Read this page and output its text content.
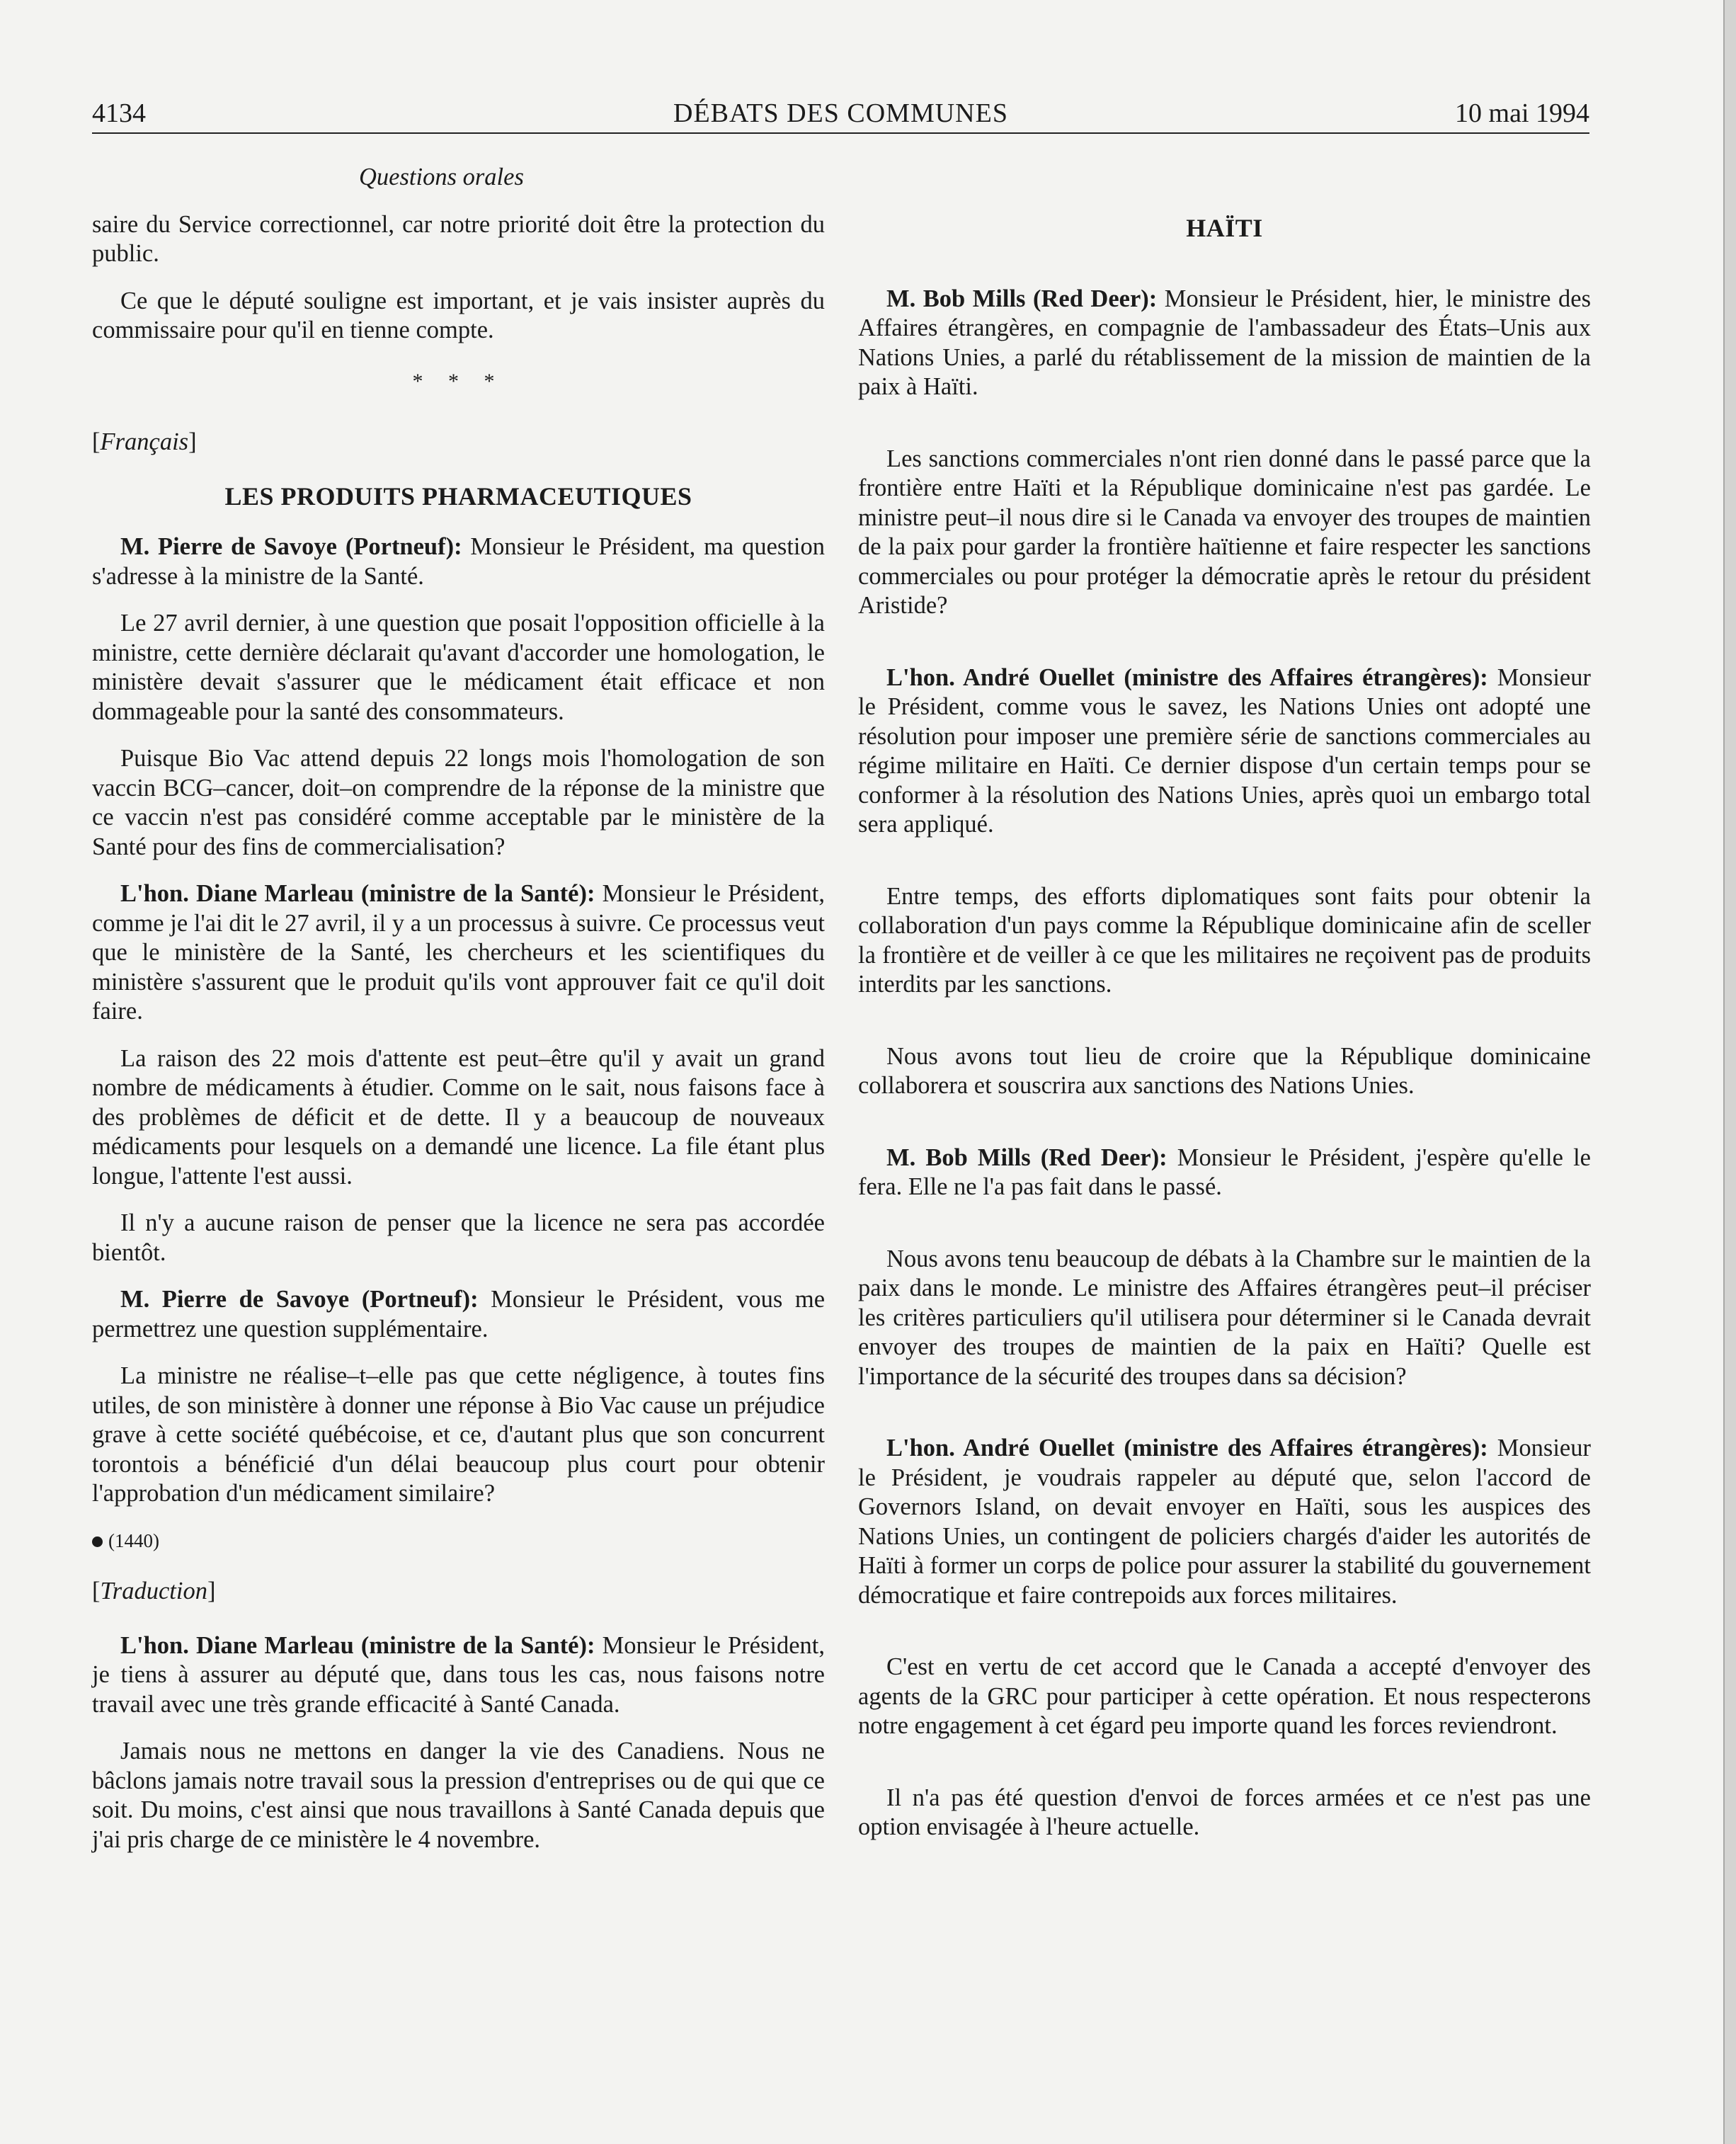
DÉBATS DES COMMUNES
4134	10 mai 1994

Questions orales

saire du Service correctionnel, car notre priorité doit être la protection du public.

Ce que le député souligne est important, et je vais insister auprès du commissaire pour qu'il en tienne compte.

* * *

[Français]

LES PRODUITS PHARMACEUTIQUES

M. Pierre de Savoye (Portneuf): Monsieur le Président, ma question s'adresse à la ministre de la Santé.

Le 27 avril dernier, à une question que posait l'opposition officielle à la ministre, cette dernière déclarait qu'avant d'accorder une homologation, le ministère devait s'assurer que le médicament était efficace et non dommageable pour la santé des consommateurs.

Puisque Bio Vac attend depuis 22 longs mois l'homologation de son vaccin BCG–cancer, doit–on comprendre de la réponse de la ministre que ce vaccin n'est pas considéré comme acceptable par le ministère de la Santé pour des fins de commercialisation?

L'hon. Diane Marleau (ministre de la Santé): Monsieur le Président, comme je l'ai dit le 27 avril, il y a un processus à suivre. Ce processus veut que le ministère de la Santé, les chercheurs et les scientifiques du ministère s'assurent que le produit qu'ils vont approuver fait ce qu'il doit faire.

La raison des 22 mois d'attente est peut–être qu'il y avait un grand nombre de médicaments à étudier. Comme on le sait, nous faisons face à des problèmes de déficit et de dette. Il y a beaucoup de nouveaux médicaments pour lesquels on a demandé une licence. La file étant plus longue, l'attente l'est aussi.

Il n'y a aucune raison de penser que la licence ne sera pas accordée bientôt.

M. Pierre de Savoye (Portneuf): Monsieur le Président, vous me permettrez une question supplémentaire.

La ministre ne réalise–t–elle pas que cette négligence, à toutes fins utiles, de son ministère à donner une réponse à Bio Vac cause un préjudice grave à cette société québécoise, et ce, d'autant plus que son concurrent torontois a bénéficié d'un délai beaucoup plus court pour obtenir l'approbation d'un médicament similaire?

(1440)

[Traduction]

L'hon. Diane Marleau (ministre de la Santé): Monsieur le Président, je tiens à assurer au député que, dans tous les cas, nous faisons notre travail avec une très grande efficacité à Santé Canada.

Jamais nous ne mettons en danger la vie des Canadiens. Nous ne bâclons jamais notre travail sous la pression d'entreprises ou de qui que ce soit. Du moins, c'est ainsi que nous travaillons à Santé Canada depuis que j'ai pris charge de ce ministère le 4 novembre.

HAÏTI

M. Bob Mills (Red Deer): Monsieur le Président, hier, le ministre des Affaires étrangères, en compagnie de l'ambassadeur des États–Unis aux Nations Unies, a parlé du rétablissement de la mission de maintien de la paix à Haïti.

Les sanctions commerciales n'ont rien donné dans le passé parce que la frontière entre Haïti et la République dominicaine n'est pas gardée. Le ministre peut–il nous dire si le Canada va envoyer des troupes de maintien de la paix pour garder la frontière haïtienne et faire respecter les sanctions commerciales ou pour protéger la démocratie après le retour du président Aristide?

L'hon. André Ouellet (ministre des Affaires étrangères): Monsieur le Président, comme vous le savez, les Nations Unies ont adopté une résolution pour imposer une première série de sanctions commerciales au régime militaire en Haïti. Ce dernier dispose d'un certain temps pour se conformer à la résolution des Nations Unies, après quoi un embargo total sera appliqué.

Entre temps, des efforts diplomatiques sont faits pour obtenir la collaboration d'un pays comme la République dominicaine afin de sceller la frontière et de veiller à ce que les militaires ne reçoivent pas de produits interdits par les sanctions.

Nous avons tout lieu de croire que la République dominicaine collaborera et souscrira aux sanctions des Nations Unies.

M. Bob Mills (Red Deer): Monsieur le Président, j'espère qu'elle le fera. Elle ne l'a pas fait dans le passé.

Nous avons tenu beaucoup de débats à la Chambre sur le maintien de la paix dans le monde. Le ministre des Affaires étrangères peut–il préciser les critères particuliers qu'il utilisera pour déterminer si le Canada devrait envoyer des troupes de maintien de la paix en Haïti? Quelle est l'importance de la sécurité des troupes dans sa décision?

L'hon. André Ouellet (ministre des Affaires étrangères): Monsieur le Président, je voudrais rappeler au député que, selon l'accord de Governors Island, on devait envoyer en Haïti, sous les auspices des Nations Unies, un contingent de policiers chargés d'aider les autorités de Haïti à former un corps de police pour assurer la stabilité du gouvernement démocratique et faire contrepoids aux forces militaires.

C'est en vertu de cet accord que le Canada a accepté d'envoyer des agents de la GRC pour participer à cette opération. Et nous respecterons notre engagement à cet égard peu importe quand les forces reviendront.

Il n'a pas été question d'envoi de forces armées et ce n'est pas une option envisagée à l'heure actuelle.
